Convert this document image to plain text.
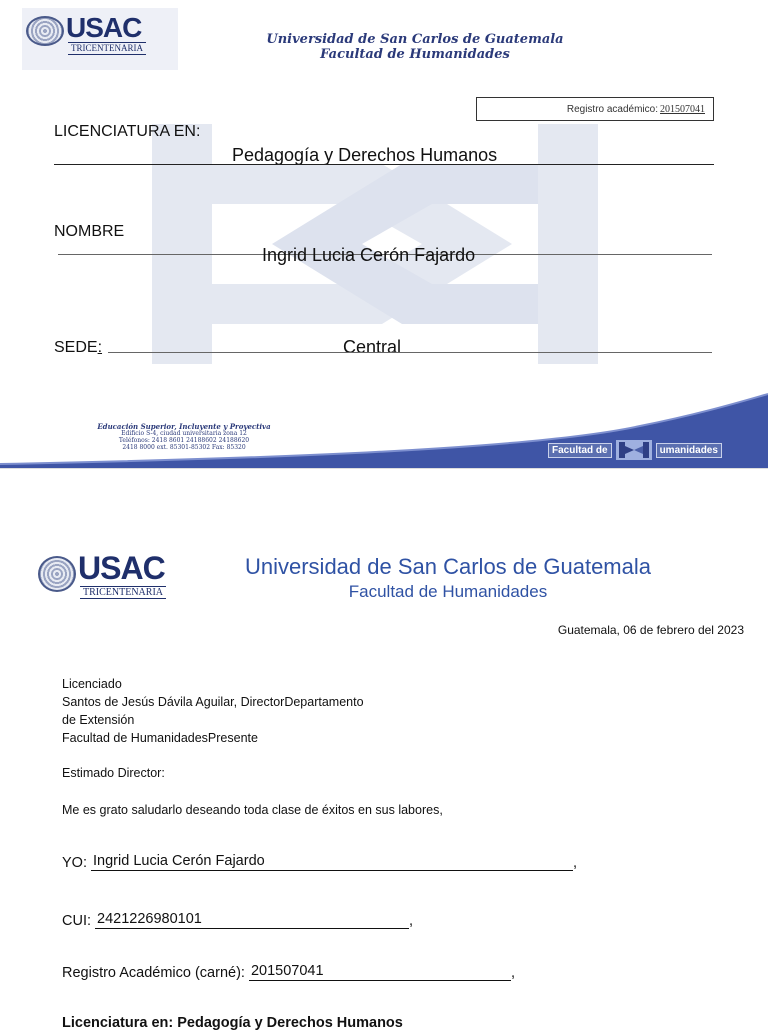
USAC
TRICENTENARIA
Universidad de San Carlos de Guatemala
Facultad de Humanidades
Registro académico: 201507041
LICENCIATURA EN:
Pedagogía y Derechos Humanos
NOMBRE
Ingrid Lucia Cerón Fajardo
SEDE:	Central
Educación Superior, Incluyente y Proyectiva
Edificio S-4, ciudad universitaria zona 12
Teléfonos: 2418 8601 24188602 24188620
2418 8000 ext. 85301-85302 Fax: 85320	Facultad de	umanidades
USAC
TRICENTENARIA
Universidad de San Carlos de Guatemala
Facultad de Humanidades
Guatemala, 06 de febrero del 2023
Licenciado
Santos de Jesús Dávila Aguilar, DirectorDepartamento
de Extensión
Facultad de HumanidadesPresente
Estimado Director:
Me es grato saludarlo deseando toda clase de éxitos en sus labores,
YO:
Ingrid Lucia Cerón Fajardo	,
CUI:
2421226980101	,
Registro Académico (carné):
201507041	,
Licenciatura en: Pedagogía y Derechos Humanos
